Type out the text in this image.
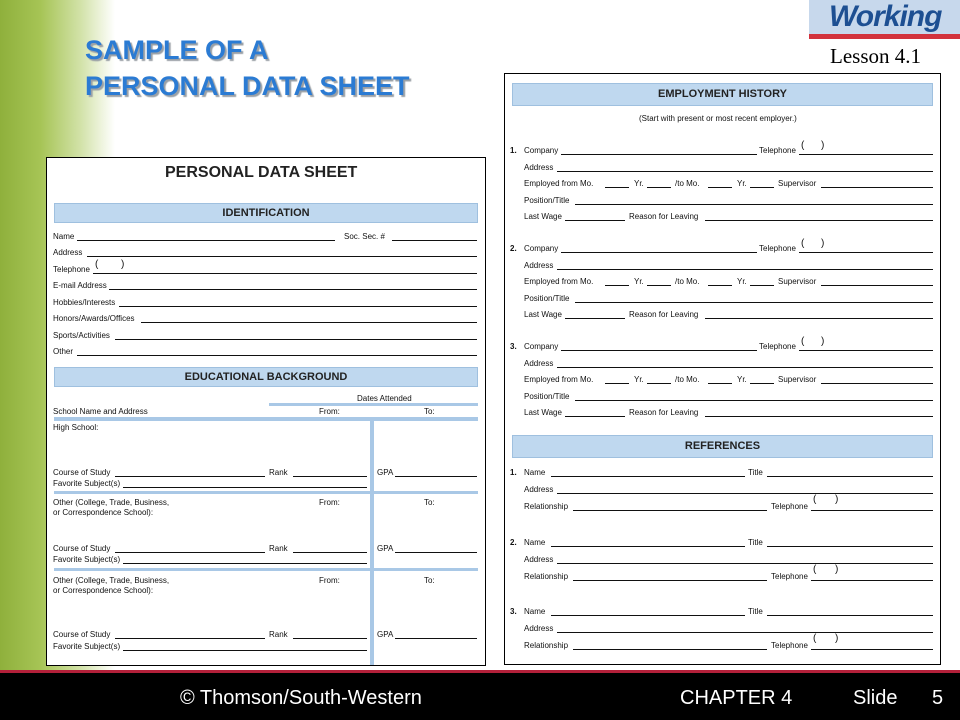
SAMPLE OF A
PERSONAL DATA SHEET
Working
Lesson 4.1
PERSONAL DATA SHEET
IDENTIFICATION
Name	Soc. Sec. #
Address
Telephone ( )
E-mail Address
Hobbies/Interests
Honors/Awards/Offices
Sports/Activities
Other
EDUCATIONAL BACKGROUND
Dates Attended
School Name and Address	From:	To:
High School:
Course of Study	Rank	GPA
Favorite Subject(s)
Other (College, Trade, Business,
or Correspondence School):
From:	To:
Course of Study	Rank	GPA
Favorite Subject(s)
Other (College, Trade, Business,
or Correspondence School):
From:	To:
Course of Study	Rank	GPA
Favorite Subject(s)
EMPLOYMENT HISTORY
(Start with present or most recent employer.)
1. Company	Telephone ( )
Address
Employed from Mo.	Yr.	/to Mo.	Yr.	Supervisor
Position/Title
Last Wage	Reason for Leaving
2. Company	Telephone ( )
Address
Employed from Mo.	Yr.	/to Mo.	Yr.	Supervisor
Position/Title
Last Wage	Reason for Leaving
3. Company	Telephone ( )
Address
Employed from Mo.	Yr.	/to Mo.	Yr.	Supervisor
Position/Title
Last Wage	Reason for Leaving
REFERENCES
1. Name	Title
Address
Relationship	Telephone
( )
2. Name	Title
Address
Relationship	Telephone
( )
3. Name	Title
Address
Relationship	Telephone
( )
© Thomson/South-Western	CHAPTER 4	Slide 5
